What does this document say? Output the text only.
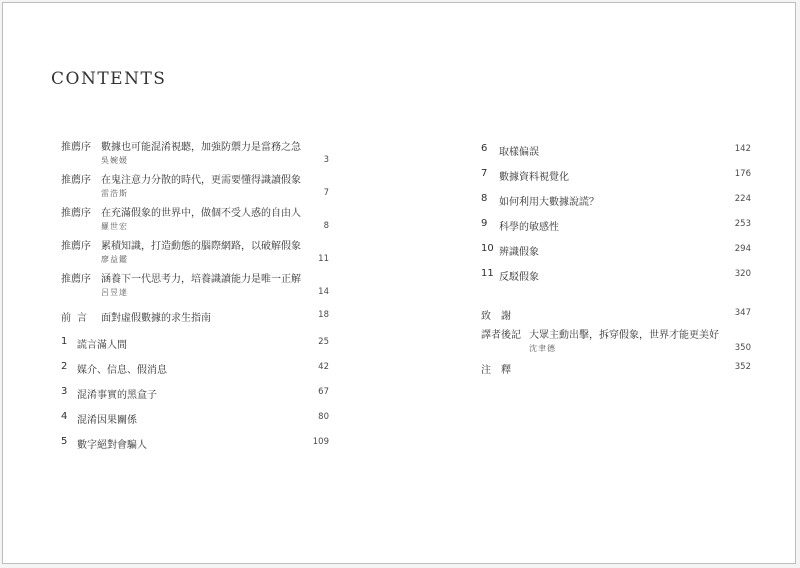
CONTENTS
推薦序 數據也可能混淆視聽，加強防禦力是當務之急
吳婉媛	3
推薦序 在鬼注意力分散的時代，更需要懂得識讀假象
雷浩斯	7
推薦序 在充滿假象的世界中，做個不受人惑的自由人
羅世宏	8
推薦序 累積知識，打造動態的腦際網路，以破解假象
廖益鑑	11
推薦序 涵養下一代思考力，培養識讀能力是唯一正解
呂昱達	14
前言 面對虛假數據的求生指南	18
1 謊言滿人間	25
2 媒介、信息、假消息	42
3 混淆事實的黑盒子	67
4 混淆因果關係	80
5 數字絕對會騙人	109
6 取樣偏誤	142
7 數據資料視覺化	176
8 如何利用大數據說謊？	224
9 科學的敏感性	253
10 辨識假象	294
11 反駁假象	320
致謝	347
譯者後記 大眾主動出擊，拆穿假象，世界才能更美好
沈聿德	350
注釋	352
